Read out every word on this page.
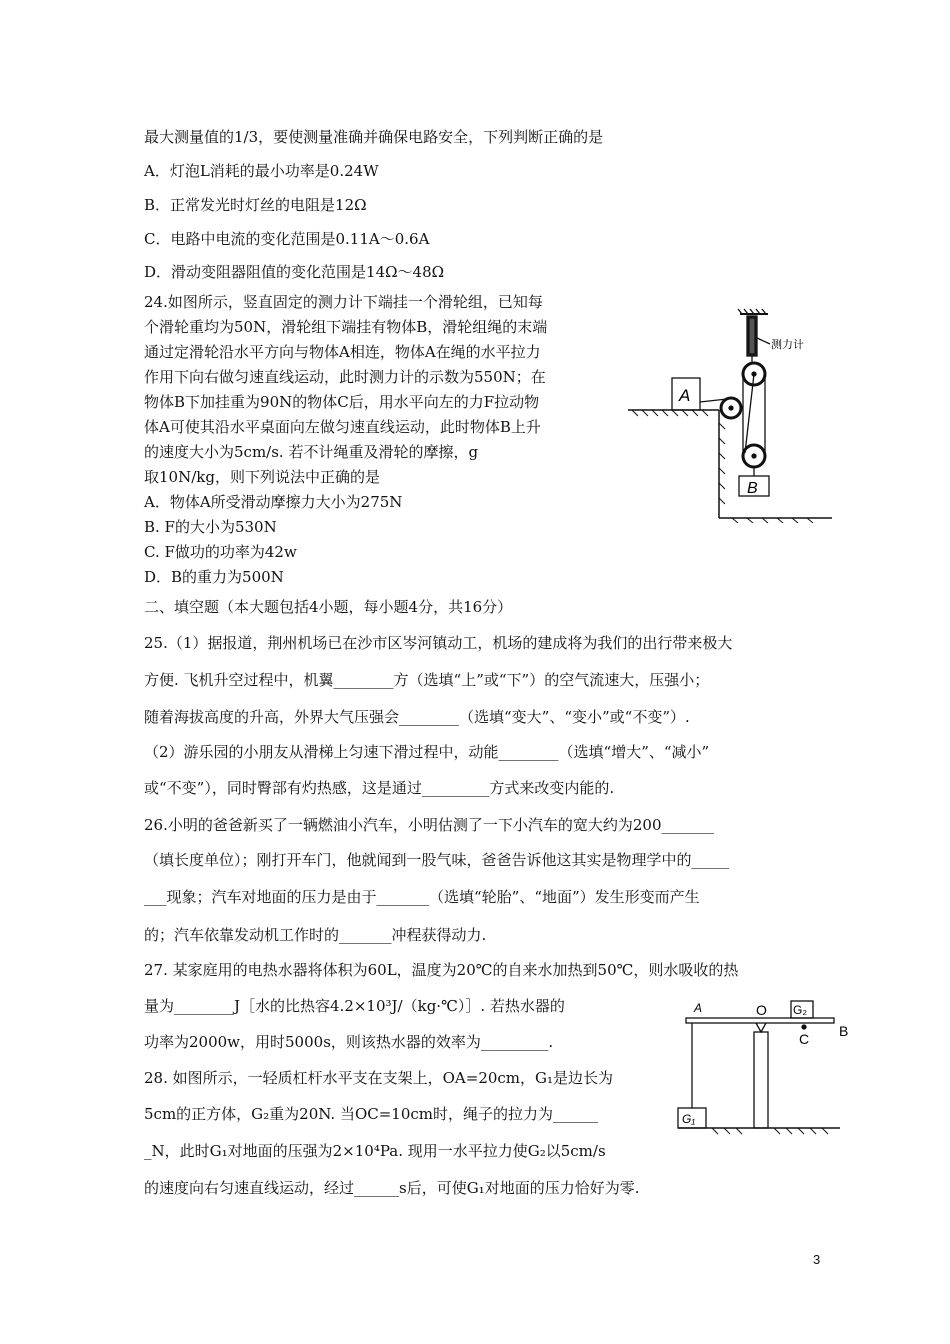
最大测量值的1/3，要使测量准确并确保电路安全，下列判断正确的是
A．灯泡L消耗的最小功率是0.24W
B．正常发光时灯丝的电阻是12Ω
C．电路中电流的变化范围是0.11A～0.6A
D．滑动变阻器阻值的变化范围是14Ω～48Ω
24.如图所示，竖直固定的测力计下端挂一个滑轮组，已知每
个滑轮重均为50N，滑轮组下端挂有物体B，滑轮组绳的末端
通过定滑轮沿水平方向与物体A相连，物体A在绳的水平拉力
作用下向右做匀速直线运动，此时测力计的示数为550N；在
物体B下加挂重为90N的物体C后，用水平向左的力F拉动物
体A可使其沿水平桌面向左做匀速直线运动，此时物体B上升
的速度大小为5cm/s. 若不计绳重及滑轮的摩擦，g
取10N/kg，则下列说法中正确的是
A．物体A所受滑动摩擦力大小为275N
B. F的大小为530N
C. F做功的功率为42w
D．B的重力为500N
A
B
测力计
二、填空题（本大题包括4小题，每小题4分，共16分）
25.（1）据报道，荆州机场已在沙市区岑河镇动工，机场的建成将为我们的出行带来极大
方便. 飞机升空过程中，机翼________方（选填“上”或“下”）的空气流速大，压强小；
随着海拔高度的升高，外界大气压强会________（选填“变大”、“变小”或“不变”）.
（2）游乐园的小朋友从滑梯上匀速下滑过程中，动能________（选填“增大”、“减小”
或“不变”），同时臀部有灼热感，这是通过_________方式来改变内能的.
26.小明的爸爸新买了一辆燃油小汽车，小明估测了一下小汽车的宽大约为200_______
（填长度单位）；刚打开车门，他就闻到一股气味，爸爸告诉他这其实是物理学中的_____
___现象；汽车对地面的压力是由于_______（选填“轮胎”、“地面”）发生形变而产生
的；汽车依靠发动机工作时的_______冲程获得动力.
27. 某家庭用的电热水器将体积为60L，温度为20℃的自来水加热到50℃，则水吸收的热
量为________J［水的比热容4.2×10³J/（kg·℃）］. 若热水器的
功率为2000w，用时5000s，则该热水器的效率为_________.
28. 如图所示，一轻质杠杆水平支在支架上，OA=20cm，G₁是边长为
5cm的正方体，G₂重为20N. 当OC=10cm时，绳子的拉力为______
_N，此时G₁对地面的压强为2×10⁴Pa. 现用一水平拉力使G₂以5cm/s
的速度向右匀速直线运动，经过______s后，可使G₁对地面的压力恰好为零.
A	O
B
C
G₂
G₁
3
